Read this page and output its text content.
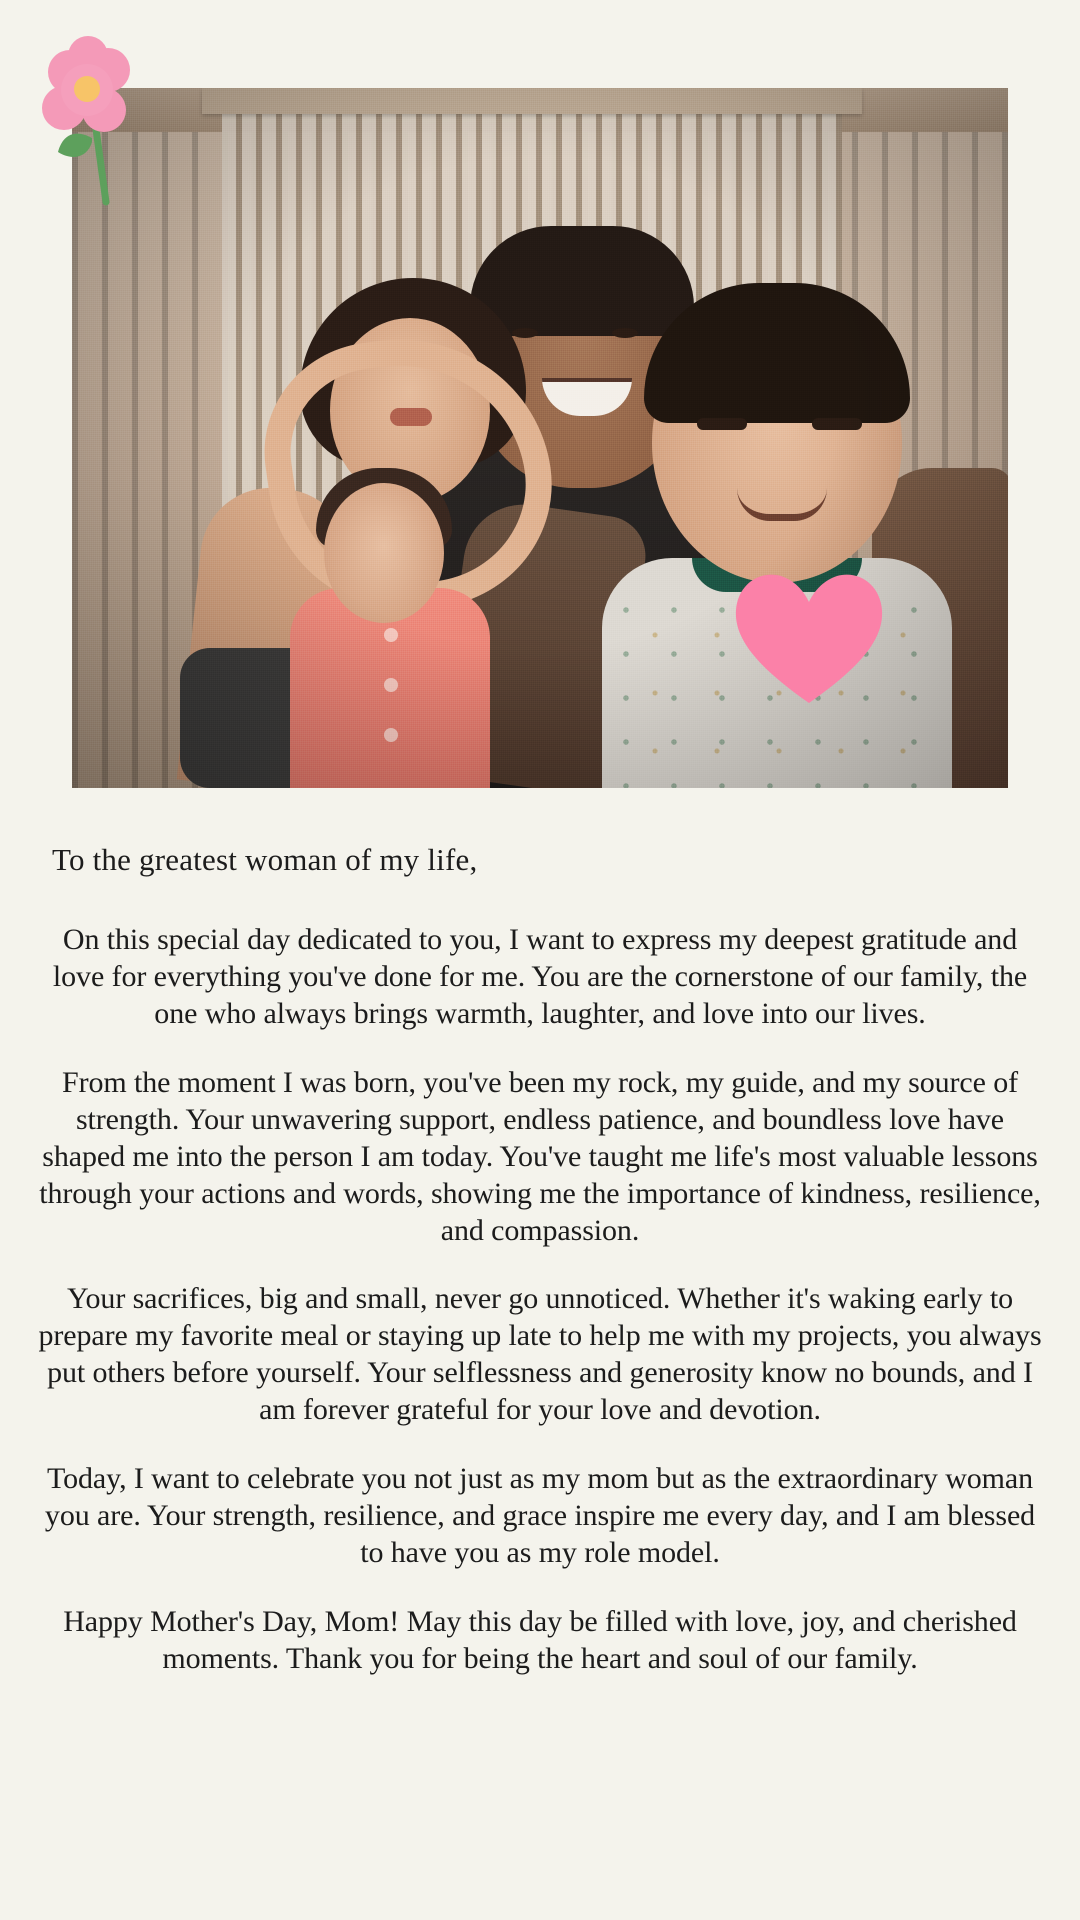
To the greatest woman of my life,

On this special day dedicated to you, I want to express my deepest gratitude and love for everything you've done for me. You are the cornerstone of our family, the one who always brings warmth, laughter, and love into our lives.

From the moment I was born, you've been my rock, my guide, and my source of strength. Your unwavering support, endless patience, and boundless love have shaped me into the person I am today. You've taught me life's most valuable lessons through your actions and words, showing me the importance of kindness, resilience, and compassion.

Your sacrifices, big and small, never go unnoticed. Whether it's waking early to prepare my favorite meal or staying up late to help me with my projects, you always put others before yourself. Your selflessness and generosity know no bounds, and I am forever grateful for your love and devotion.

Today, I want to celebrate you not just as my mom but as the extraordinary woman you are. Your strength, resilience, and grace inspire me every day, and I am blessed to have you as my role model.

Happy Mother's Day, Mom! May this day be filled with love, joy, and cherished moments. Thank you for being the heart and soul of our family.
